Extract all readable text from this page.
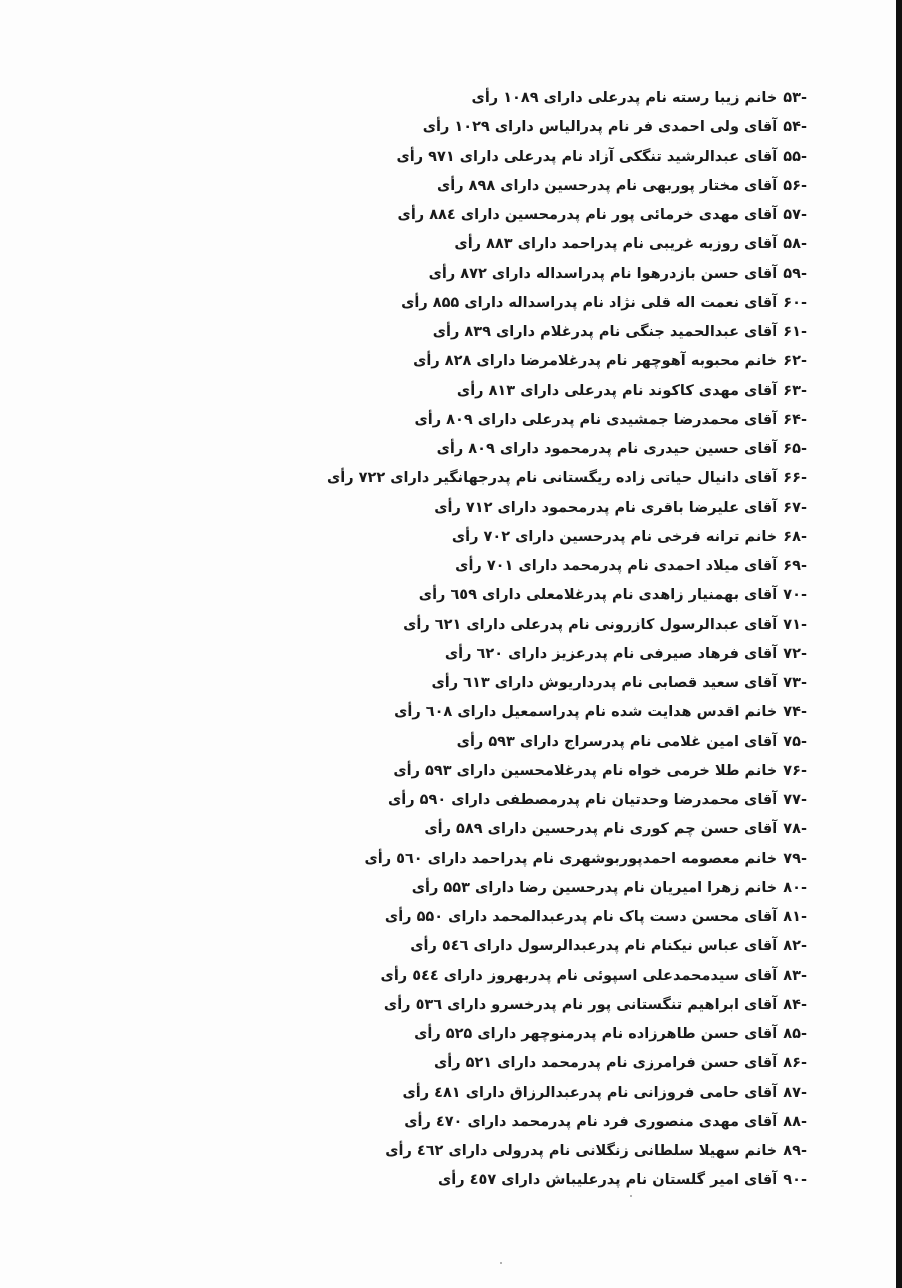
-۵۳خانم زیبا رسته نام پدرعلی دارای ۱۰۸۹ رأی
-۵۴آقای ولی احمدی فر نام پدرالیاس دارای ۱۰۲۹ رأی
-۵۵آقای عبدالرشید تنگکی آزاد نام پدرعلی دارای ۹۷۱ رأی
-۵۶آقای مختار پوربهی نام پدرحسین دارای ۸۹۸ رأی
-۵۷آقای مهدی خرمائی پور نام پدرمحسین دارای ۸۸٤ رأی
-۵۸آقای روزبه غریبی نام پدراحمد دارای ۸۸۳ رأی
-۵۹آقای حسن بازدرهوا نام پدراسداله دارای ۸۷۲ رأی
-۶۰آقای نعمت اله قلی نژاد نام پدراسداله دارای ۸۵۵ رأی
-۶۱آقای عبدالحمید جنگی نام پدرغلام دارای ۸۳۹ رأی
-۶۲خانم محبوبه آهوچهر نام پدرغلامرضا دارای ۸۲۸ رأی
-۶۳آقای مهدی کاکوند نام پدرعلی دارای ۸۱۳ رأی
-۶۴آقای محمدرضا جمشیدی نام پدرعلی دارای ۸۰۹ رأی
-۶۵آقای حسین حیدری نام پدرمحمود دارای ۸۰۹ رأی
-۶۶آقای دانیال حیاتی زاده ریگستانی نام پدرجهانگیر دارای ۷۲۲ رأی
-۶۷آقای علیرضا باقری نام پدرمحمود دارای ۷۱۲ رأی
-۶۸خانم ترانه فرخی نام پدرحسین دارای ۷۰۲ رأی
-۶۹آقای میلاد احمدی نام پدرمحمد دارای ۷۰۱ رأی
-۷۰آقای بهمنیار زاهدی نام پدرغلامعلی دارای ٦٥۹ رأی
-۷۱آقای عبدالرسول کازرونی نام پدرعلی دارای ٦٢١ رأی
-۷۲آقای فرهاد صیرفی نام پدرعزیز دارای ٦٢٠ رأی
-۷۳آقای سعید قصابی نام پدرداریوش دارای ٦١٣ رأی
-۷۴خانم اقدس هدایت شده نام پدراسمعیل دارای ٦٠٨ رأی
-۷۵آقای امین غلامی نام پدرسراج دارای ۵۹۳ رأی
-۷۶خانم طلا خرمی خواه نام پدرغلامحسین دارای ۵۹۳ رأی
-۷۷آقای محمدرضا وحدتیان نام پدرمصطفی دارای ۵۹۰ رأی
-۷۸آقای حسن چم کوری نام پدرحسین دارای ۵۸۹ رأی
-۷۹خانم معصومه احمدپوربوشهری نام پدراحمد دارای ٥٦٠ رأی
-۸۰خانم زهرا امیریان نام پدرحسین رضا دارای ۵۵۳ رأی
-۸۱آقای محسن دست پاک نام پدرعبدالمحمد دارای ۵۵۰ رأی
-۸۲آقای عباس نیکنام نام پدرعبدالرسول دارای ٥٤٦ رأی
-۸۳آقای سیدمحمدعلی اسپوئی نام پدربهروز دارای ٥٤٤ رأی
-۸۴آقای ابراهیم تنگستانی پور نام پدرخسرو دارای ٥٣٦ رأی
-۸۵آقای حسن طاهرزاده نام پدرمنوچهر دارای ۵۲۵ رأی
-۸۶آقای حسن فرامرزی نام پدرمحمد دارای ۵۲۱ رأی
-۸۷آقای حامی فروزانی نام پدرعبدالرزاق دارای ٤٨١ رأی
-۸۸آقای مهدی منصوری فرد نام پدرمحمد دارای ٤٧٠ رأی
-۸۹خانم سهیلا سلطانی زنگلانی نام پدرولی دارای ٤٦٢ رأی
-۹۰آقای امیر گلستان نام پدرعلیباش دارای ٤٥٧ رأی
